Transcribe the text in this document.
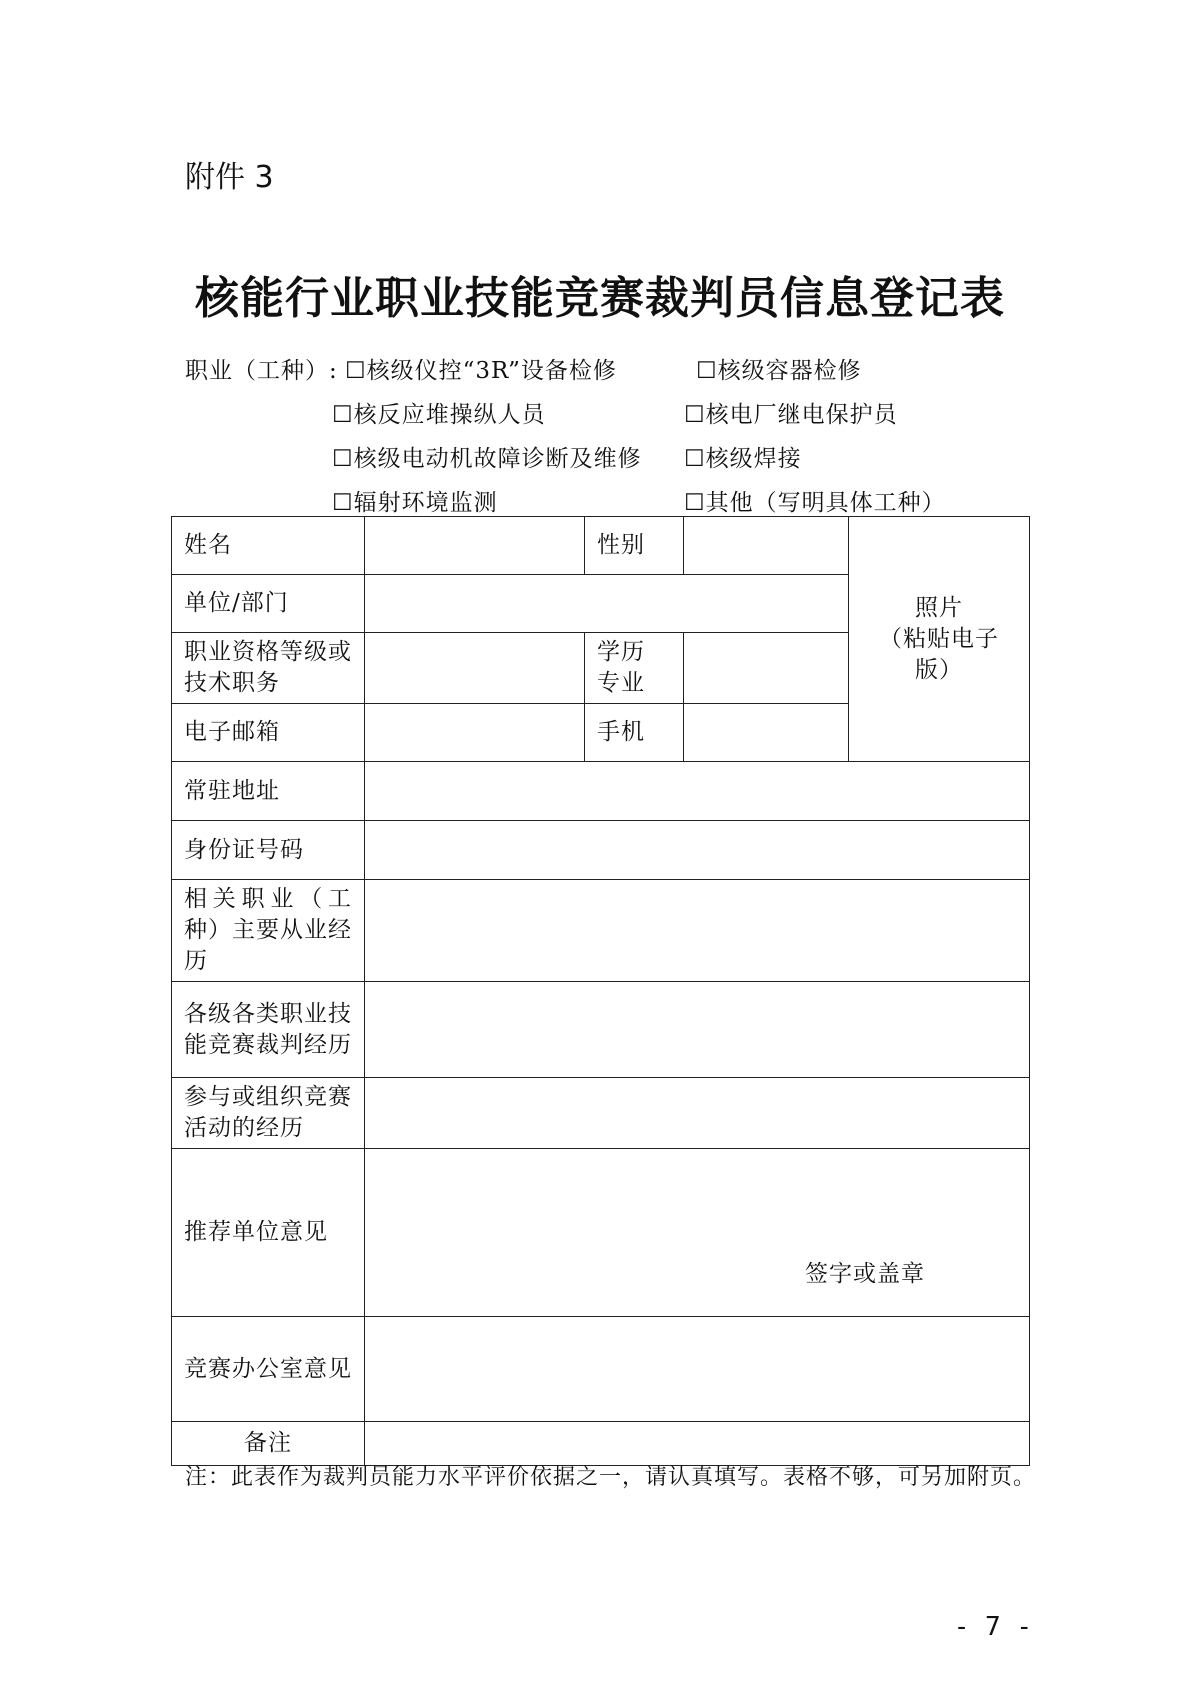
附件 3
核能行业职业技能竞赛裁判员信息登记表
职业（工种）: ☐核级仪控“3R”设备检修	☐核级容器检修
☐核反应堆操纵人员	☐核电厂继电保护员
☐核级电动机故障诊断及维修 ☐核级焊接
☐辐射环境监测	☐其他（写明具体工种）
姓名		性别		照片
（粘贴电子
版）

单位/部门				
职业资格等级或技术职务		学历
专业		
电子邮箱		手机		
常驻地址				
身份证号码				
相关职业（工种）主要从业经历				
各级各类职业技能竞赛裁判经历				
参与或组织竞赛活动的经历				
推荐单位意见	签字或盖章			

竞赛办公室意见				
备注				
注：此表作为裁判员能力水平评价依据之一，请认真填写。表格不够，可另加附页。
- 7 -
